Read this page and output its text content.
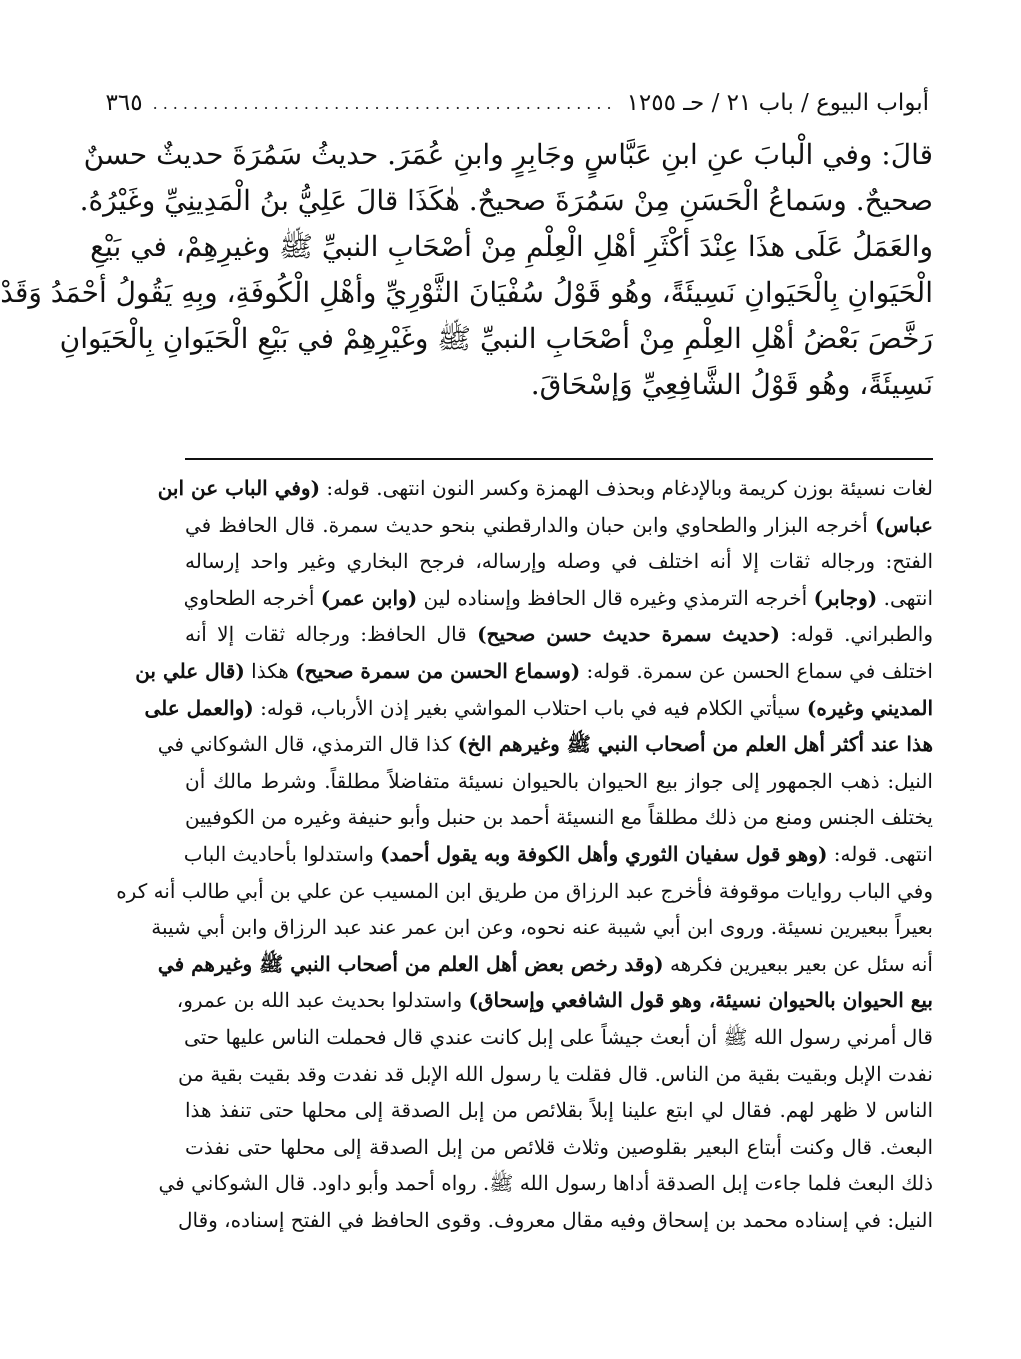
أبواب البيوع / باب ٢١ / حـ ١٢٥٥
..............................................
٣٦٥
قالَ: وفي الْبابَ عنِ ابنِ عَبَّاسٍ وجَابِرٍ وابنِ عُمَرَ. حديثُ سَمُرَةَ حديثٌ حسنٌ
صحيحٌ. وسَماعُ الْحَسَنِ مِنْ سَمُرَةَ صحيحٌ. هٰكَذَا قالَ عَلِيُّ بنُ الْمَدِينِيِّ وغَيْرُهُ.
والعَمَلُ عَلَى هذَا عِنْدَ أكْثَرِ أهْلِ الْعِلْمِ مِنْ أصْحَابِ النبيِّ ﷺ وغيرِهِمْ، في بَيْعِ
الْحَيَوانِ بِالْحَيَوانِ نَسِيئَةً، وهُو قَوْلُ سُفْيَانَ الثَّوْرِيِّ وأهْلِ الْكُوفَةِ، وبِهِ يَقُولُ أحْمَدُ وَقَدْ
رَخَّصَ بَعْضُ أهْلِ العِلْمِ مِنْ أصْحَابِ النبيِّ ﷺ وغَيْرِهِمْ في بَيْعِ الْحَيَوانِ بِالْحَيَوانِ
نَسِيئَةً، وهُو قَوْلُ الشَّافِعِيِّ وَإسْحَاقَ.
لغات نسيئة بوزن كريمة وبالإدغام وبحذف الهمزة وكسر النون انتهى. قوله: (وفي الباب عن ابن
عباس) أخرجه البزار والطحاوي وابن حبان والدارقطني بنحو حديث سمرة. قال الحافظ في
الفتح: ورجاله ثقات إلا أنه اختلف في وصله وإرساله، فرجح البخاري وغير واحد إرساله
انتهى. (وجابر) أخرجه الترمذي وغيره قال الحافظ وإسناده لين (وابن عمر) أخرجه الطحاوي
والطبراني. قوله: (حديث سمرة حديث حسن صحيح) قال الحافظ: ورجاله ثقات إلا أنه
اختلف في سماع الحسن عن سمرة. قوله: (وسماع الحسن من سمرة صحيح) هكذا (قال علي بن
المديني وغيره) سيأتي الكلام فيه في باب احتلاب المواشي بغير إذن الأرباب، قوله: (والعمل على
هذا عند أكثر أهل العلم من أصحاب النبي ﷺ وغيرهم الخ) كذا قال الترمذي، قال الشوكاني في
النيل: ذهب الجمهور إلى جواز بيع الحيوان بالحيوان نسيئة متفاضلاً مطلقاً. وشرط مالك أن
يختلف الجنس ومنع من ذلك مطلقاً مع النسيئة أحمد بن حنبل وأبو حنيفة وغيره من الكوفيين
انتهى. قوله: (وهو قول سفيان الثوري وأهل الكوفة وبه يقول أحمد) واستدلوا بأحاديث الباب
وفي الباب روايات موقوفة فأخرج عبد الرزاق من طريق ابن المسيب عن علي بن أبي طالب أنه كره
بعيراً ببعيرين نسيئة. وروى ابن أبي شيبة عنه نحوه، وعن ابن عمر عند عبد الرزاق وابن أبي شيبة
أنه سئل عن بعير ببعيرين فكرهه (وقد رخص بعض أهل العلم من أصحاب النبي ﷺ وغيرهم في
بيع الحيوان بالحيوان نسيئة، وهو قول الشافعي وإسحاق) واستدلوا بحديث عبد الله بن عمرو،
قال أمرني رسول الله ﷺ أن أبعث جيشاً على إبل كانت عندي قال فحملت الناس عليها حتى
نفدت الإبل وبقيت بقية من الناس. قال فقلت يا رسول الله الإبل قد نفدت وقد بقيت بقية من
الناس لا ظهر لهم. فقال لي ابتع علينا إبلاً بقلائص من إبل الصدقة إلى محلها حتى تنفذ هذا
البعث. قال وكنت أبتاع البعير بقلوصين وثلاث قلائص من إبل الصدقة إلى محلها حتى نفذت
ذلك البعث فلما جاءت إبل الصدقة أداها رسول الله ﷺ. رواه أحمد وأبو داود. قال الشوكاني في
النيل: في إسناده محمد بن إسحاق وفيه مقال معروف. وقوى الحافظ في الفتح إسناده، وقال
